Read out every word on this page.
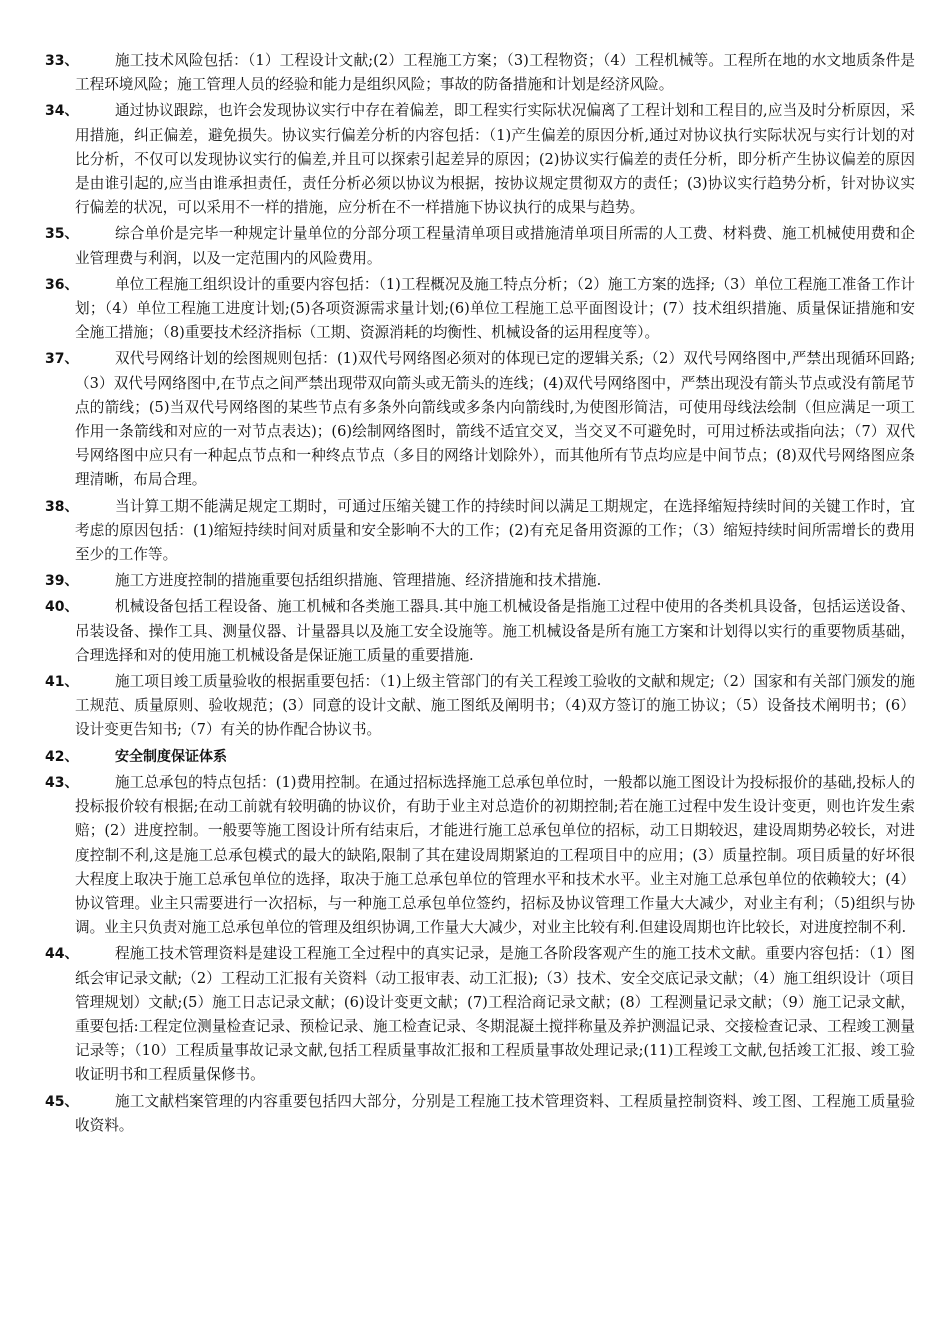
33、	施工技术风险包括：（1）工程设计文献;(2）工程施工方案；（3)工程物资；（4）工程机械等。工程所在地的水文地质条件是工程环境风险；施工管理人员的经验和能力是组织风险；事故的防备措施和计划是经济风险。
34、	通过协议跟踪，也许会发现协议实行中存在着偏差，即工程实行实际状况偏离了工程计划和工程目的,应当及时分析原因，采用措施，纠正偏差，避免损失。协议实行偏差分析的内容包括：（1)产生偏差的原因分析,通过对协议执行实际状况与实行计划的对比分析，不仅可以发现协议实行的偏差,并且可以探索引起差异的原因；(2)协议实行偏差的责任分析，即分析产生协议偏差的原因是由谁引起的,应当由谁承担责任，责任分析必须以协议为根据，按协议规定贯彻双方的责任；(3)协议实行趋势分析，针对协议实行偏差的状况，可以采用不一样的措施，应分析在不一样措施下协议执行的成果与趋势。
35、	综合单价是完毕一种规定计量单位的分部分项工程量清单项目或措施清单项目所需的人工费、材料费、施工机械使用费和企业管理费与利润，以及一定范围内的风险费用。
36、	单位工程施工组织设计的重要内容包括：（1)工程概况及施工特点分析；（2）施工方案的选择;（3）单位工程施工准备工作计划；（4）单位工程施工进度计划;(5)各项资源需求量计划;(6)单位工程施工总平面图设计；(7）技术组织措施、质量保证措施和安全施工措施；（8)重要技术经济指标（工期、资源消耗的均衡性、机械设备的运用程度等）。
37、	双代号网络计划的绘图规则包括：(1)双代号网络图必须对的体现已定的逻辑关系;（2）双代号网络图中,严禁出现循环回路;（3）双代号网络图中,在节点之间严禁出现带双向箭头或无箭头的连线；(4)双代号网络图中，严禁出现没有箭头节点或没有箭尾节点的箭线；(5)当双代号网络图的某些节点有多条外向箭线或多条内向箭线时,为使图形简洁，可使用母线法绘制（但应满足一项工作用一条箭线和对应的一对节点表达)；(6)绘制网络图时，箭线不适宜交叉，当交叉不可避免时，可用过桥法或指向法；（7）双代号网络图中应只有一种起点节点和一种终点节点（多目的网络计划除外），而其他所有节点均应是中间节点；(8)双代号网络图应条理清晰，布局合理。
38、	当计算工期不能满足规定工期时，可通过压缩关键工作的持续时间以满足工期规定，在选择缩短持续时间的关键工作时，宜考虑的原因包括：(1)缩短持续时间对质量和安全影响不大的工作；(2)有充足备用资源的工作；（3）缩短持续时间所需增长的费用至少的工作等。
39、	施工方进度控制的措施重要包括组织措施、管理措施、经济措施和技术措施.
40、	机械设备包括工程设备、施工机械和各类施工器具.其中施工机械设备是指施工过程中使用的各类机具设备，包括运送设备、吊装设备、操作工具、测量仪器、计量器具以及施工安全设施等。施工机械设备是所有施工方案和计划得以实行的重要物质基础，合理选择和对的使用施工机械设备是保证施工质量的重要措施.
41、	施工项目竣工质量验收的根据重要包括：（1)上级主管部门的有关工程竣工验收的文献和规定;（2）国家和有关部门颁发的施工规范、质量原则、验收规范；(3）同意的设计文献、施工图纸及阐明书；（4)双方签订的施工协议；（5）设备技术阐明书；(6）设计变更告知书;（7）有关的协作配合协议书。
42、	安全制度保证体系
43、	施工总承包的特点包括：(1)费用控制。在通过招标选择施工总承包单位时，一般都以施工图设计为投标报价的基础,投标人的投标报价较有根据;在动工前就有较明确的协议价，有助于业主对总造价的初期控制;若在施工过程中发生设计变更，则也许发生索赔；(2）进度控制。一般要等施工图设计所有结束后，才能进行施工总承包单位的招标，动工日期较迟，建设周期势必较长，对进度控制不利,这是施工总承包模式的最大的缺陷,限制了其在建设周期紧迫的工程项目中的应用；(3）质量控制。项目质量的好坏很大程度上取决于施工总承包单位的选择，取决于施工总承包单位的管理水平和技术水平。业主对施工总承包单位的依赖较大；(4）协议管理。业主只需要进行一次招标，与一种施工总承包单位签约，招标及协议管理工作量大大减少，对业主有利；（5)组织与协调。业主只负责对施工总承包单位的管理及组织协调,工作量大大减少，对业主比较有利.但建设周期也许比较长，对进度控制不利.
44、	程施工技术管理资料是建设工程施工全过程中的真实记录，是施工各阶段客观产生的施工技术文献。重要内容包括：（1）图纸会审记录文献;（2）工程动工汇报有关资料（动工报审表、动工汇报);（3）技术、安全交底记录文献；（4）施工组织设计（项目管理规划）文献;(5）施工日志记录文献；(6)设计变更文献；(7)工程洽商记录文献；(8）工程测量记录文献；（9）施工记录文献，重要包括:工程定位测量检查记录、预检记录、施工检查记录、冬期混凝土搅拌称量及养护测温记录、交接检查记录、工程竣工测量记录等；（10）工程质量事故记录文献,包括工程质量事故汇报和工程质量事故处理记录;(11)工程竣工文献,包括竣工汇报、竣工验收证明书和工程质量保修书。
45、	施工文献档案管理的内容重要包括四大部分，分别是工程施工技术管理资料、工程质量控制资料、竣工图、工程施工质量验收资料。
